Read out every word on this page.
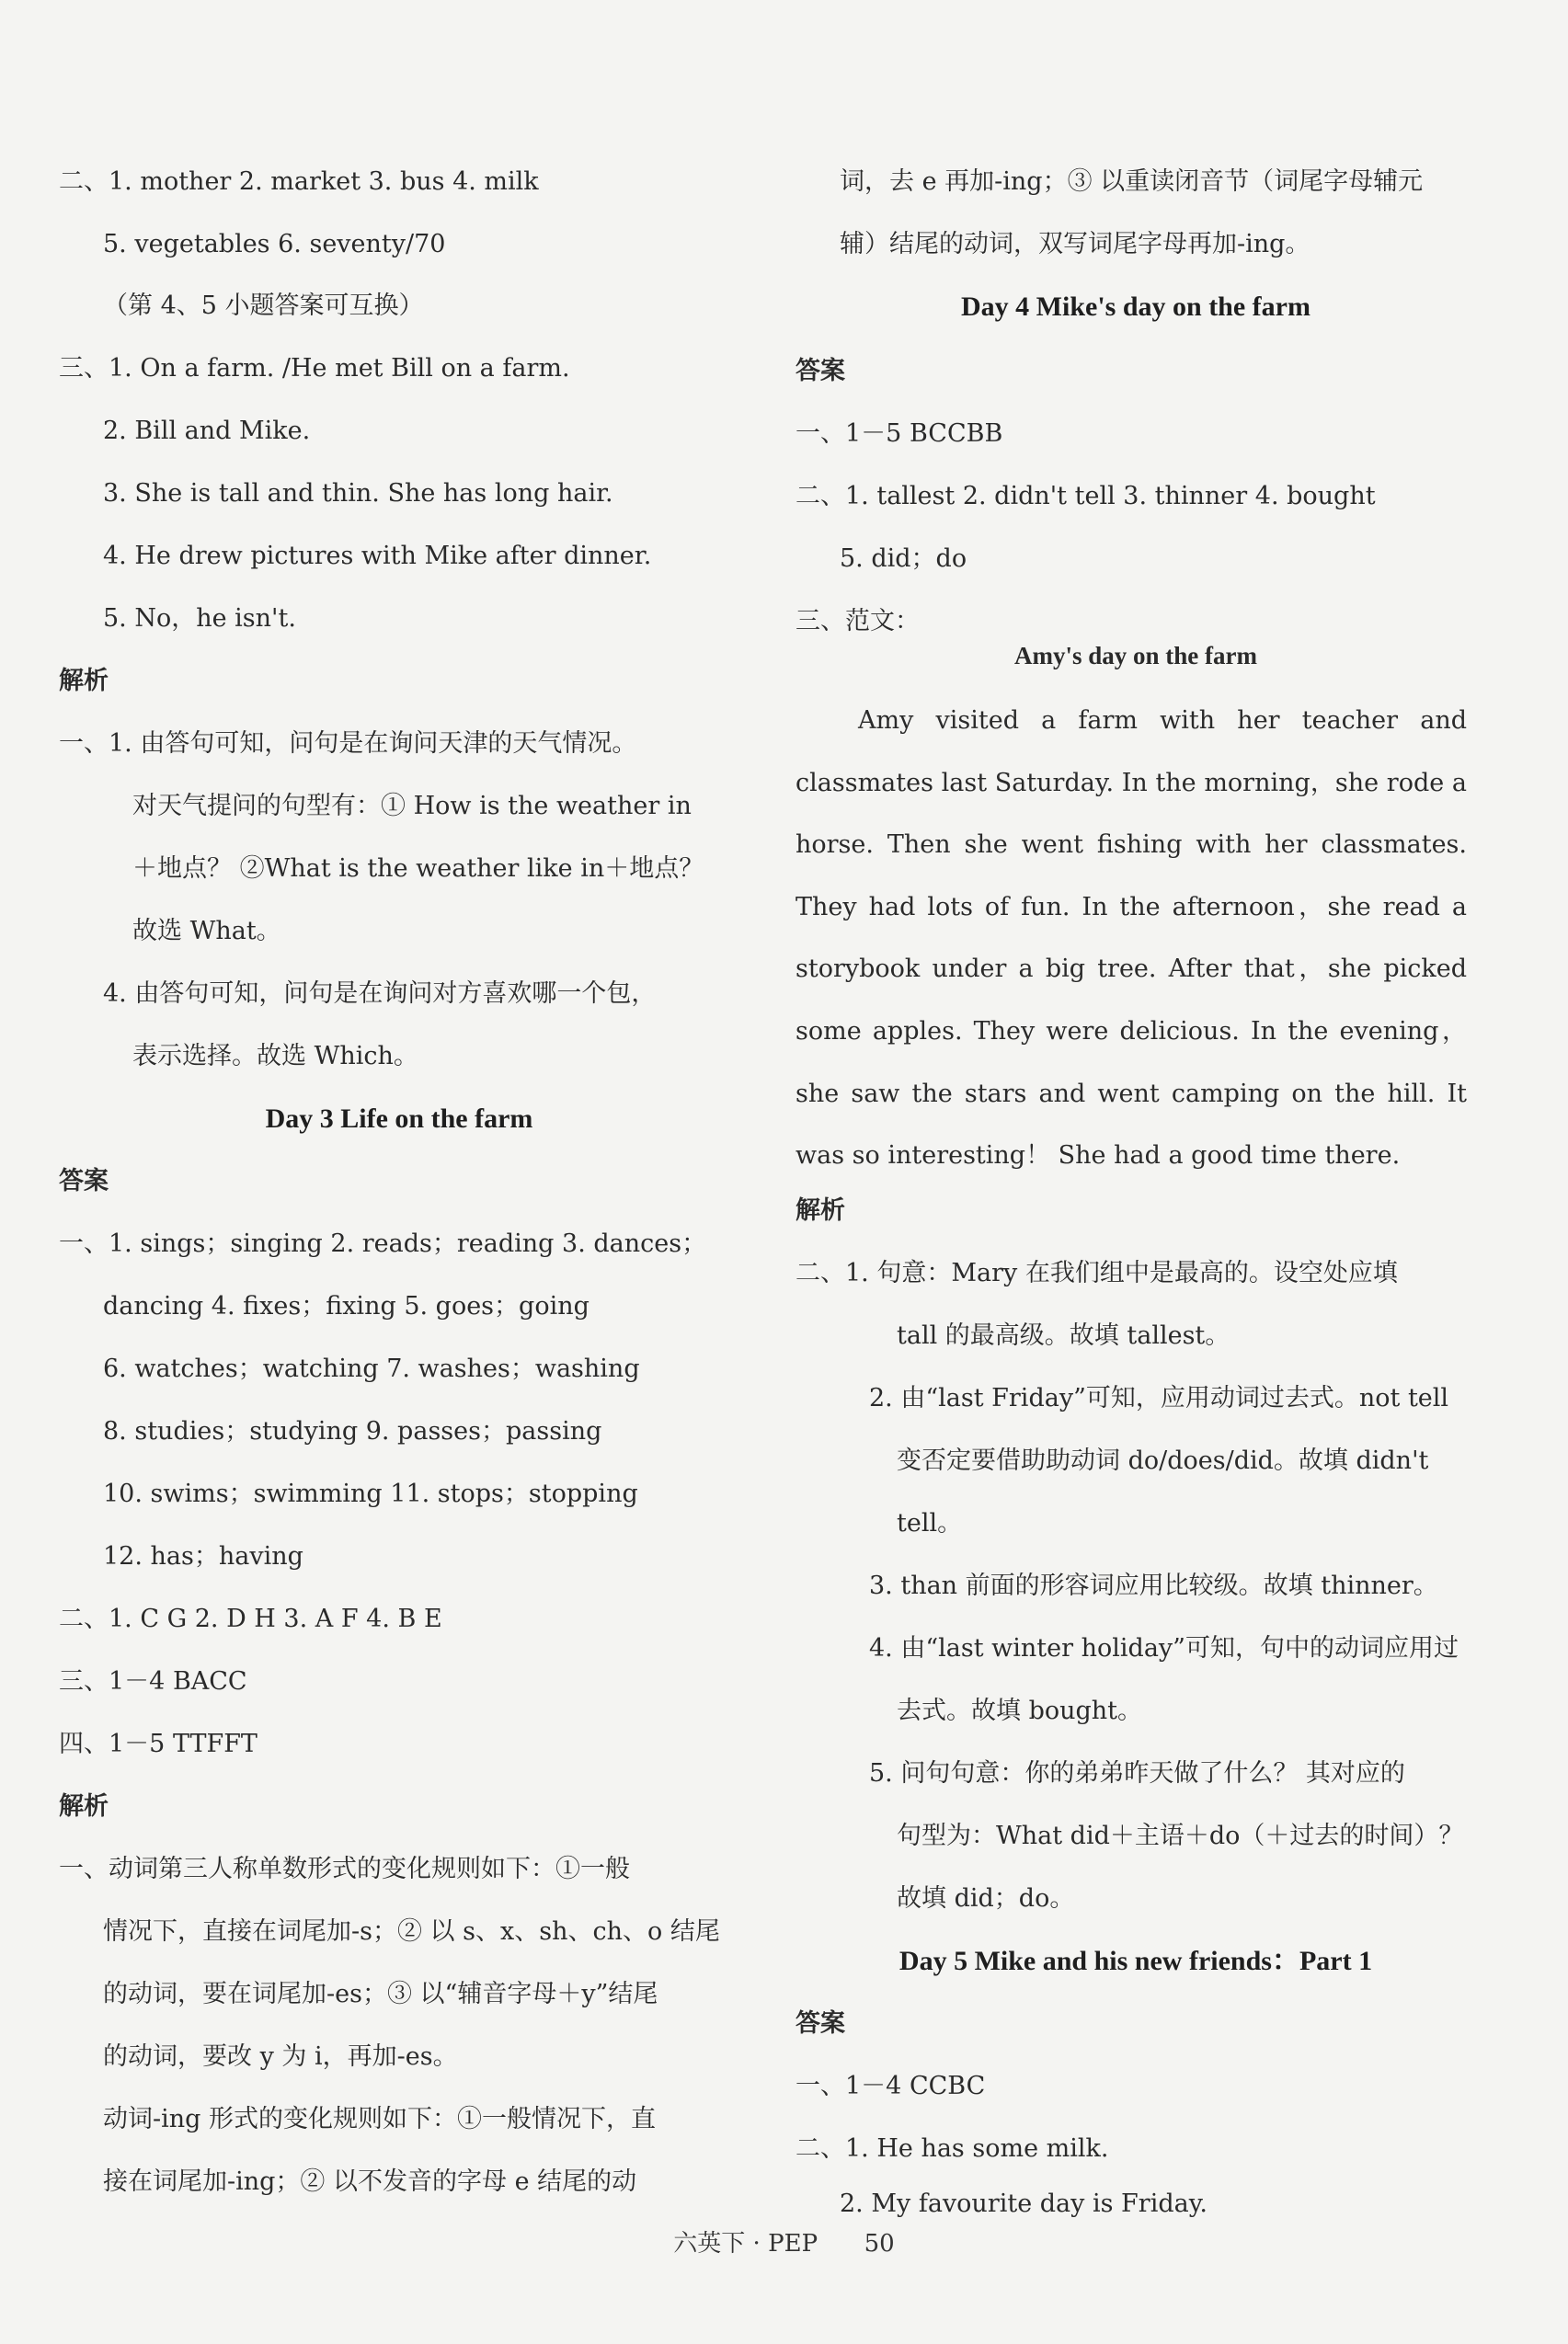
二、1. mother 2. market 3. bus 4. milk
5. vegetables 6. seventy/70
（第 4、5 小题答案可互换）
三、1. On a farm. /He met Bill on a farm.
2. Bill and Mike.
3. She is tall and thin. She has long hair.
4. He drew pictures with Mike after dinner.
5. No，he isn't.
解析
一、1. 由答句可知，问句是在询问天津的天气情况。
对天气提问的句型有：① How is the weather in
＋地点？ ②What is the weather like in＋地点？
故选 What。
4. 由答句可知，问句是在询问对方喜欢哪一个包，
表示选择。故选 Which。
Day 3 Life on the farm
答案
一、1. sings；singing 2. reads；reading 3. dances；
dancing 4. fixes；fixing 5. goes；going
6. watches；watching 7. washes；washing
8. studies；studying 9. passes；passing
10. swims；swimming 11. stops；stopping
12. has；having
二、1. C G 2. D H 3. A F 4. B E
三、1－4 BACC
四、1－5 TTFFT
解析
一、动词第三人称单数形式的变化规则如下：①一般
情况下，直接在词尾加-s；② 以 s、x、sh、ch、o 结尾
的动词，要在词尾加-es；③ 以“辅音字母＋y”结尾
的动词，要改 y 为 i，再加-es。
动词-ing 形式的变化规则如下：①一般情况下，直
接在词尾加-ing；② 以不发音的字母 e 结尾的动
词，去 e 再加-ing；③ 以重读闭音节（词尾字母辅元
辅）结尾的动词，双写词尾字母再加-ing。
Day 4 Mike's day on the farm
答案
一、1－5 BCCBB
二、1. tallest 2. didn't tell 3. thinner 4. bought
5. did；do
三、范文：
Amy's day on the farm

Amy visited a farm with her teacher and classmates last Saturday. In the morning，she rode a horse. Then she went fishing with her classmates. They had lots of fun. In the afternoon，she read a storybook under a big tree. After that，she picked some apples. They were delicious. In the evening，she saw the stars and went camping on the hill. It was so interesting！ She had a good time there.

解析
二、1. 句意：Mary 在我们组中是最高的。设空处应填
tall 的最高级。故填 tallest。
2. 由“last Friday”可知，应用动词过去式。not tell
变否定要借助助动词 do/does/did。故填 didn't
tell。
3. than 前面的形容词应用比较级。故填 thinner。
4. 由“last winter holiday”可知，句中的动词应用过
去式。故填 bought。
5. 问句句意：你的弟弟昨天做了什么？ 其对应的
句型为：What did＋主语＋do（＋过去的时间）？
故填 did；do。
Day 5 Mike and his new friends：Part 1
答案
一、1－4 CCBC
二、1. He has some milk.
2. My favourite day is Friday.
六英下 · PEP 50
